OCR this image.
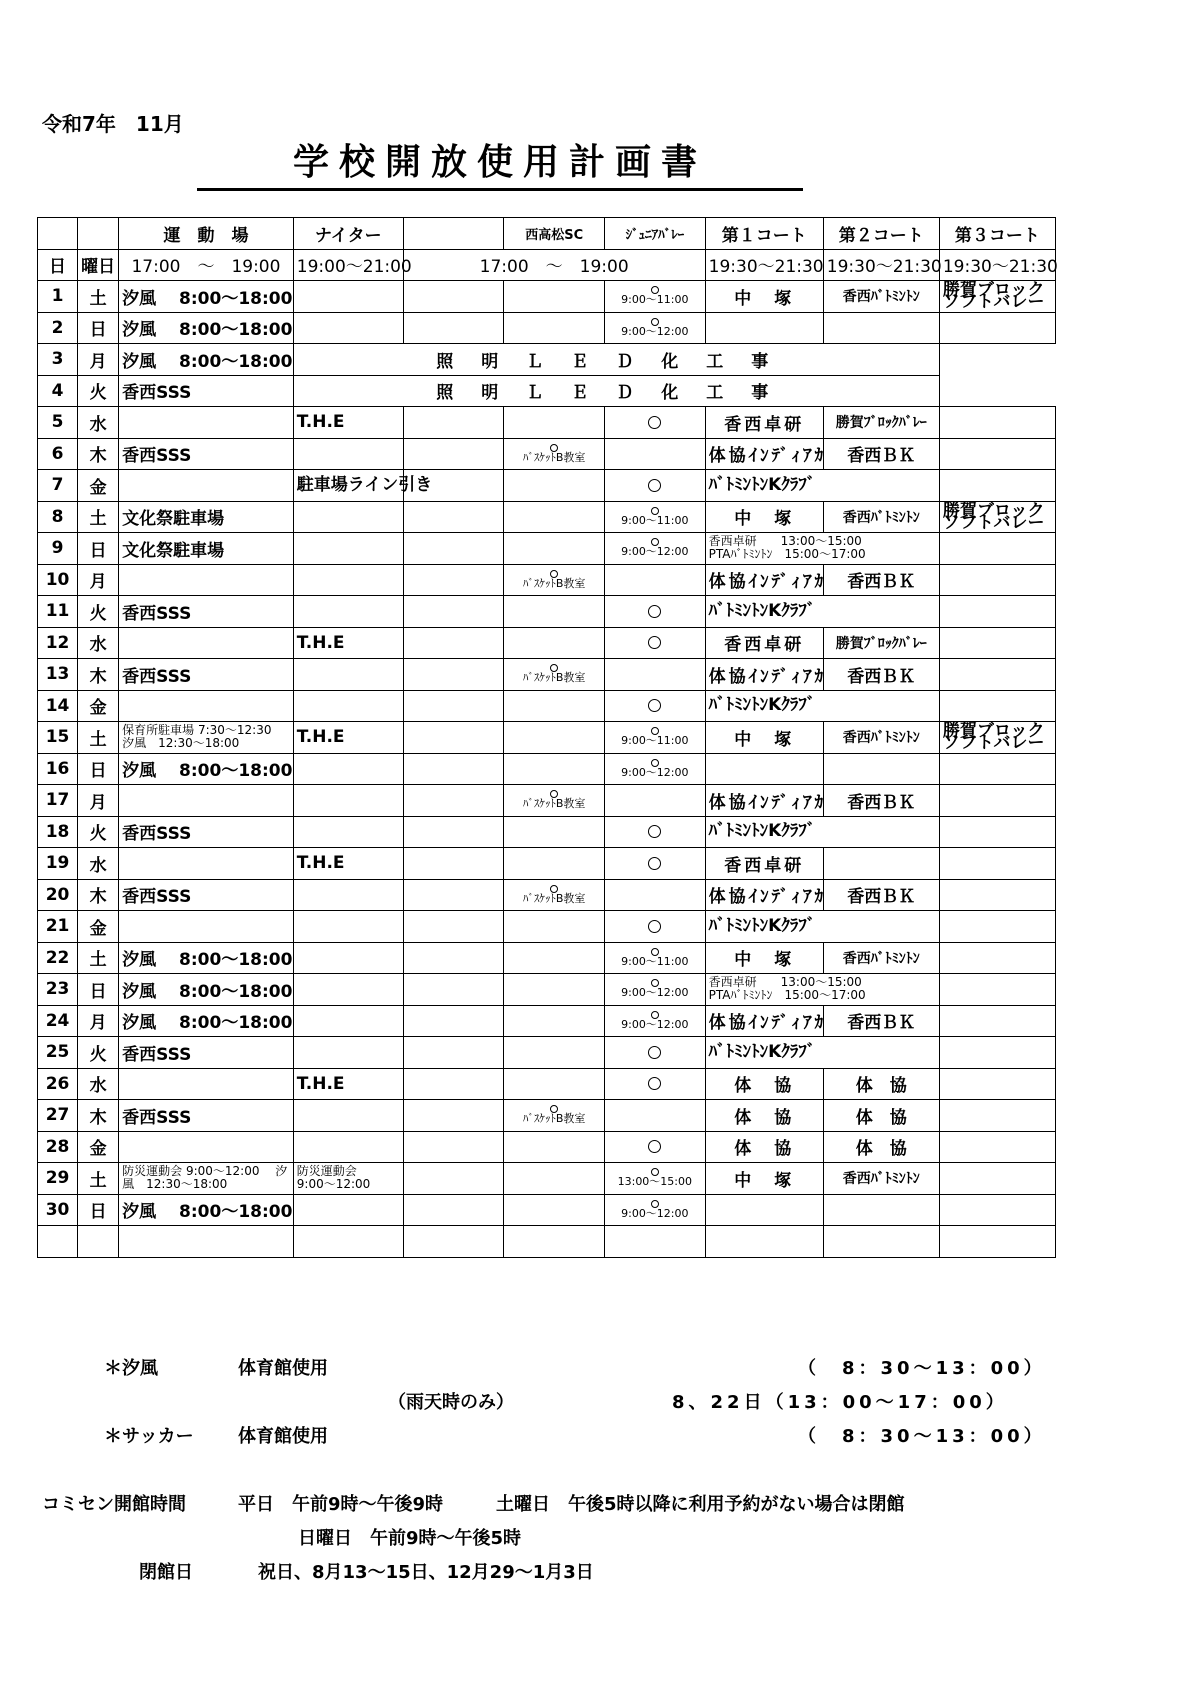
令和7年　11月
学校開放使用計画書
		運　動　場	ナイター		西高松SC	ｼﾞｭﾆｱﾊﾞﾚｰ	第１コート	第２コート	第３コート
日	曜日	17:00　～　19:00	19:00～21:00	17:00　～　19:00			19:30～21:30	19:30～21:30	19:30～21:30
1	土	汐風　 8:00～18:00				9:00～11:00	中　塚	香西ﾊﾞﾄﾐﾝﾄﾝ	勝賀ブロックソフトバレー
2	日	汐風　 8:00～18:00				9:00～12:00			

3	月	汐風　 8:00～18:00	照明ＬＥＤ化工事						
4	火	香西SSS	照明ＬＥＤ化工事						
5	水		T.H.E				香西卓研	勝賀ﾌﾞﾛｯｸﾊﾞﾚｰ	
6	木	香西SSS			ﾊﾞｽｹｯﾄB教室		体協ｲﾝﾃﾞｨｱｶ	香西ＢＫ	
7	金		駐車場ライン引き				ﾊﾞﾄﾐﾝﾄﾝKｸﾗﾌﾞ		
8	土	文化祭駐車場				9:00～11:00	中　塚	香西ﾊﾞﾄﾐﾝﾄﾝ	勝賀ブロックソフトバレー
9	日	文化祭駐車場				9:00～12:00	香西卓研　　13:00～15:00
PTAﾊﾞﾄﾐﾝﾄﾝ　15:00～17:00		

10	月				ﾊﾞｽｹｯﾄB教室		体協ｲﾝﾃﾞｨｱｶ	香西ＢＫ	
11	火	香西SSS					ﾊﾞﾄﾐﾝﾄﾝKｸﾗﾌﾞ		
12	水		T.H.E				香西卓研	勝賀ﾌﾞﾛｯｸﾊﾞﾚｰ	
13	木	香西SSS			ﾊﾞｽｹｯﾄB教室		体協ｲﾝﾃﾞｨｱｶ	香西ＢＫ	
14	金						ﾊﾞﾄﾐﾝﾄﾝKｸﾗﾌﾞ		
15	土	保育所駐車場 7:30～12:30
汐風　12:30～18:00	T.H.E			9:00～11:00	中　塚	香西ﾊﾞﾄﾐﾝﾄﾝ	勝賀ブロックソフトバレー
16	日	汐風　 8:00～18:00				9:00～12:00			

17	月				ﾊﾞｽｹｯﾄB教室		体協ｲﾝﾃﾞｨｱｶ	香西ＢＫ	
18	火	香西SSS					ﾊﾞﾄﾐﾝﾄﾝKｸﾗﾌﾞ		
19	水		T.H.E				香西卓研		
20	木	香西SSS			ﾊﾞｽｹｯﾄB教室		体協ｲﾝﾃﾞｨｱｶ	香西ＢＫ	
21	金						ﾊﾞﾄﾐﾝﾄﾝKｸﾗﾌﾞ		
22	土	汐風　 8:00～18:00				9:00～11:00	中　塚	香西ﾊﾞﾄﾐﾝﾄﾝ	
23	日	汐風　 8:00～18:00				9:00～12:00	香西卓研　　13:00～15:00
PTAﾊﾞﾄﾐﾝﾄﾝ　15:00～17:00		

24	月	汐風　 8:00～18:00				9:00～12:00	体協ｲﾝﾃﾞｨｱｶ	香西ＢＫ	
25	火	香西SSS					ﾊﾞﾄﾐﾝﾄﾝKｸﾗﾌﾞ		
26	水		T.H.E				体　協	体　協	
27	木	香西SSS			ﾊﾞｽｹｯﾄB教室		体　協	体　協	
28	金						体　協	体　協	
29	土	防災運動会 9:00～12:00　 汐
風　12:30～18:00	防災運動会
9:00～12:00			13:00～15:00	中　塚	香西ﾊﾞﾄﾐﾝﾄﾝ	
30	日	汐風　 8:00～18:00				9:00～12:00			

＊汐風	体育館使用	（　8：30～13：00）
（雨天時のみ）	8、22日（13：00～17：00）
＊サッカー 体育館使用	（　8：30～13：00）
コミセン開館時間	平日　午前9時～午後9時	土曜日　午後5時以降に利用予約がない場合は閉館
日曜日　午前9時～午後5時
閉館日	祝日、8月13～15日、12月29～1月3日
